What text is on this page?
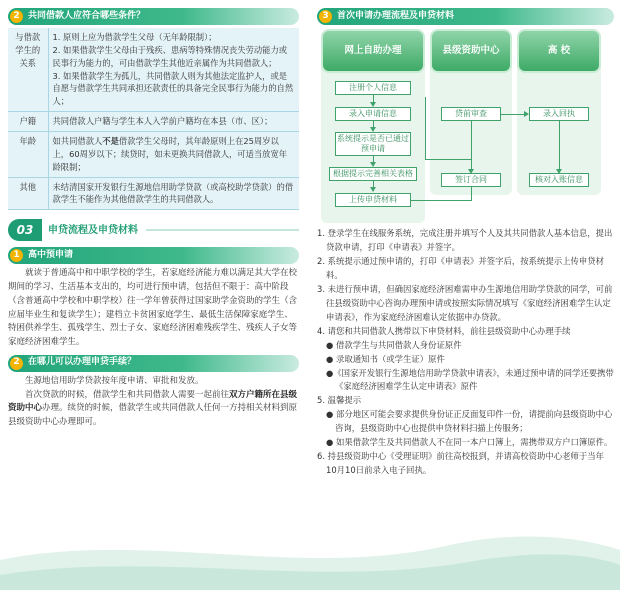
2 共同借款人应符合哪些条件？
与借款学生的关系	1. 原则上应为借款学生父母（无年龄限制）；
2. 如果借款学生父母由于残疾、患病等特殊情况丧失劳动能力或民事行为能力的，可由借款学生其他近亲属作为共同借款人；
3. 如果借款学生为孤儿，共同借款人则为其他法定监护人，或是自愿与借款学生共同承担还款责任的具备完全民事行为能力的自然人；

户籍	共同借款人户籍与学生本人入学前户籍均在本县（市、区）；
年龄	如共同借款人不是借款学生父母时，其年龄原则上在25周岁以上，60周岁以下；续贷时，如未更换共同借款人，可适当放宽年龄限制；
其他	未结清国家开发银行生源地信用助学贷款（或高校助学贷款）的借款学生不能作为其他借款学生的共同借款人。
03 申贷流程及申贷材料
1 高中预申请

就读于普通高中和中职学校的学生，若家庭经济能力难以满足其大学在校期间的学习、生活基本支出的，均可进行预申请，包括但不限于：高中阶段（含普通高中学校和中职学校）往一学年曾获得过国家助学金资助的学生（含应届毕业生和复读学生）；建档立卡贫困家庭学生、最低生活保障家庭学生、特困供养学生、孤残学生、烈士子女、家庭经济困难残疾学生、残疾人子女等家庭经济困难学生。

2 在哪儿可以办理申贷手续？

生源地信用助学贷款按年度申请、审批和发放。

首次贷款的时候，借款学生和共同借款人需要一起前往双方户籍所在县级资助中心办理。续贷的时候，借款学生或共同借款人任何一方持相关材料到原县级资助中心办理即可。

3 首次申请办理流程及申贷材料
网上自助办理	县级资助中心	高 校
注册个人信息
录入申请信息
系统提示是否已通过预申请
根据提示完善相关表格
上传申贷材料
贷前审查
签订合同
录入回执
核对入账信息
1. 登录学生在线服务系统，完成注册并填写个人及其共同借款人基本信息，提出贷款申请，打印《申请表》并签字。
2. 系统提示通过预申请的，打印《申请表》并签字后，按系统提示上传申贷材料。
3. 未进行预申请，但确因家庭经济困难需申办生源地信用助学贷款的同学，可前往县级资助中心咨询办理预申请或按照实际情况填写《家庭经济困难学生认定申请表》，作为家庭经济困难认定依据申办贷款。
4. 请您和共同借款人携带以下申贷材料，前往县级资助中心办理手续
● 借款学生与共同借款人身份证原件
● 录取通知书（或学生证）原件
●《国家开发银行生源地信用助学贷款申请表》，未通过预申请的同学还要携带《家庭经济困难学生认定申请表》原件
5. 温馨提示
● 部分地区可能会要求提供身份证正反面复印件一份，请提前向县级资助中心咨询，县级资助中心也提供申贷材料扫描上传服务；
● 如果借款学生及共同借款人不在同一本户口簿上，需携带双方户口簿原件。
6. 持县级资助中心《受理证明》前往高校报到，并请高校资助中心老师于当年10月10日前录入电子回执。
